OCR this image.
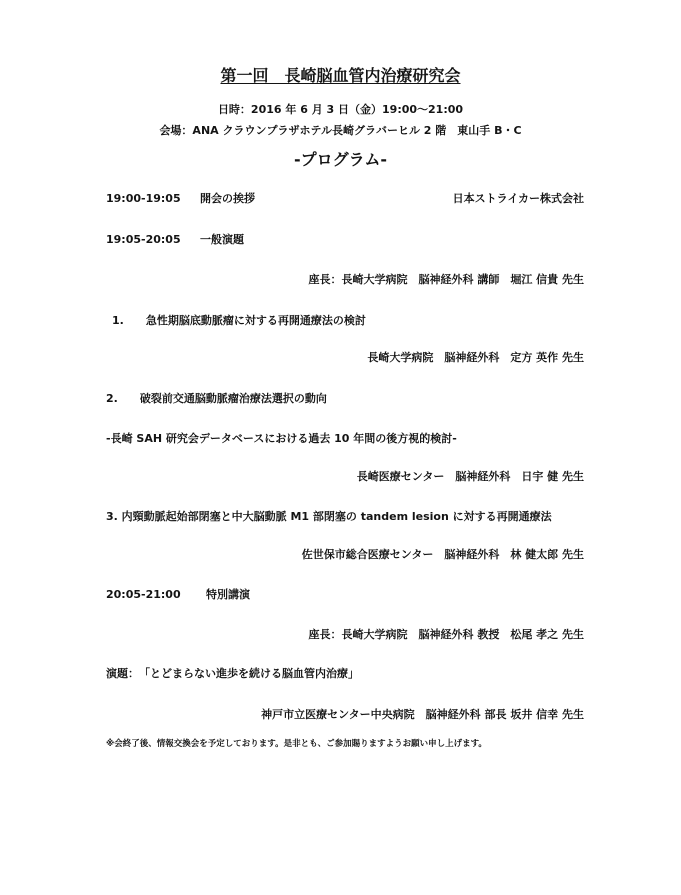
第一回　長崎脳血管内治療研究会
日時：2016 年 6 月 3 日（金）19:00～21:00
会場：ANA クラウンプラザホテル長崎グラバーヒル 2 階　東山手 B・C
-プログラム-
19:00-19:05 開会の挨拶	日本ストライカー株式会社
19:05-20:05 一般演題
座長：長崎大学病院　脳神経外科 講師　堀江 信貴 先生
1.　　急性期脳底動脈瘤に対する再開通療法の検討
長崎大学病院　脳神経外科　定方 英作 先生
2.　　破裂前交通脳動脈瘤治療法選択の動向
-長崎 SAH 研究会データベースにおける過去 10 年間の後方視的検討-
長崎医療センター　脳神経外科　日宇 健 先生
3. 内頸動脈起始部閉塞と中大脳動脈 M1 部閉塞の tandem lesion に対する再開通療法
佐世保市総合医療センター　脳神経外科　林 健太郎 先生
20:05-21:00 特別講演
座長：長崎大学病院　脳神経外科 教授　松尾 孝之 先生
演題：　「とどまらない進歩を続ける脳血管内治療」
神戸市立医療センター中央病院　脳神経外科 部長 坂井 信幸 先生
※会終了後、情報交換会を予定しております。是非とも、ご参加賜りますようお願い申し上げます。
